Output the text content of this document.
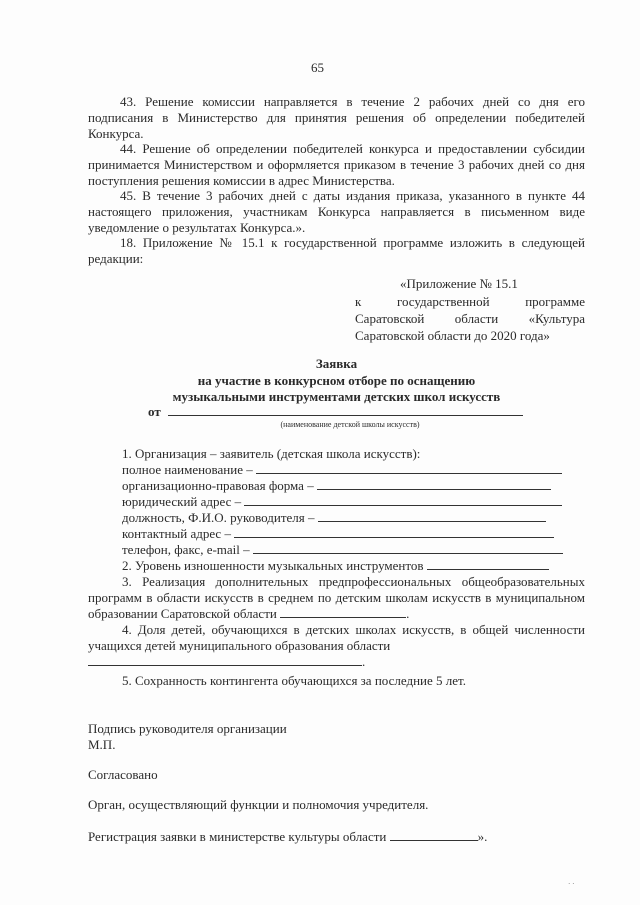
65
43. Решение комиссии направляется в течение 2 рабочих дней со дня его подписания в Министерство для принятия решения об определении победителей Конкурса.
44. Решение об определении победителей конкурса и предоставлении субсидии принимается Министерством и оформляется приказом в течение 3 рабочих дней со дня поступления решения комиссии в адрес Министерства.
45. В течение 3 рабочих дней с даты издания приказа, указанного в пункте 44 настоящего приложения, участникам Конкурса направляется в письменном виде уведомление о результатах Конкурса.».
18. Приложение № 15.1 к государственной программе изложить в следующей редакции:
«Приложение № 15.1
к государственной программе
Саратовской области «Культура
Саратовской области до 2020 года»
Заявка
на участие в конкурсном отборе по оснащению
музыкальными инструментами детских школ искусств
от
(наименование детской школы искусств)
1. Организация – заявитель (детская школа искусств):
полное наименование –
организационно-правовая форма –
юридический адрес –
должность, Ф.И.О. руководителя –
контактный адрес –
телефон, факс, e-mail –
2. Уровень изношенности музыкальных инструментов
3. Реализация дополнительных предпрофессиональных общеобразовательных программ в области искусств в среднем по детским школам искусств в муниципальном образовании Саратовской области	.
4. Доля детей, обучающихся в детских школах искусств, в общей численности учащихся детей муниципального образования области
.
5. Сохранность контингента обучающихся за последние 5 лет.
Подпись руководителя организации
М.П.
Согласовано
Орган, осуществляющий функции и полномочия учредителя.
Регистрация заявки в министерстве культуры области	».
· ·
